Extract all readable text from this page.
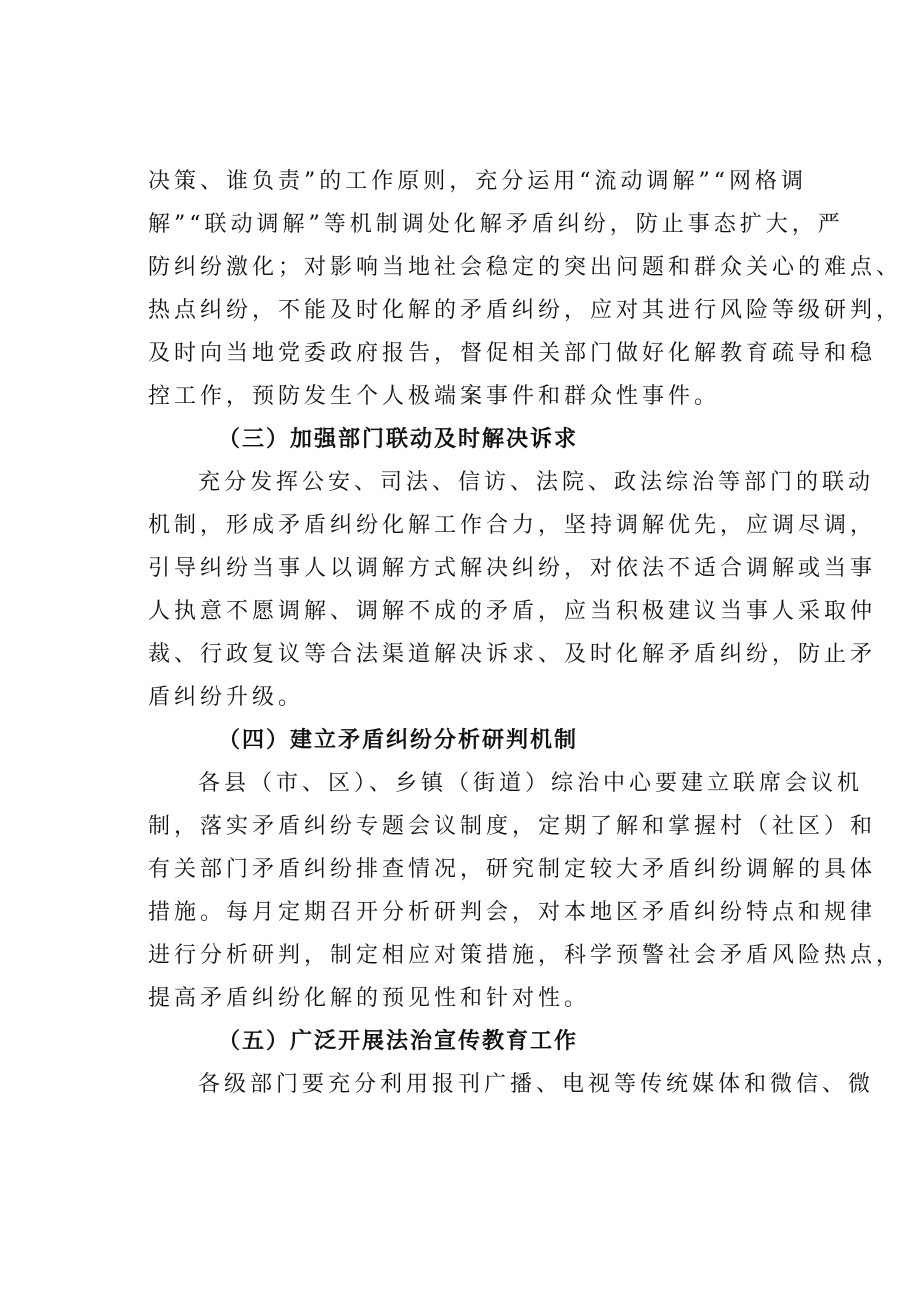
决策、谁负责”的工作原则，充分运用“流动调解”“网格调
解”“联动调解”等机制调处化解矛盾纠纷，防止事态扩大，严
防纠纷激化；对影响当地社会稳定的突出问题和群众关心的难点、
热点纠纷，不能及时化解的矛盾纠纷，应对其进行风险等级研判，
及时向当地党委政府报告，督促相关部门做好化解教育疏导和稳
控工作，预防发生个人极端案事件和群众性事件。
（三）加强部门联动及时解决诉求
充分发挥公安、司法、信访、法院、政法综治等部门的联动
机制，形成矛盾纠纷化解工作合力，坚持调解优先，应调尽调，
引导纠纷当事人以调解方式解决纠纷，对依法不适合调解或当事
人执意不愿调解、调解不成的矛盾，应当积极建议当事人采取仲
裁、行政复议等合法渠道解决诉求、及时化解矛盾纠纷，防止矛
盾纠纷升级。
（四）建立矛盾纠纷分析研判机制
各县（市、区）、乡镇（街道）综治中心要建立联席会议机
制，落实矛盾纠纷专题会议制度，定期了解和掌握村（社区）和
有关部门矛盾纠纷排查情况，研究制定较大矛盾纠纷调解的具体
措施。每月定期召开分析研判会，对本地区矛盾纠纷特点和规律
进行分析研判，制定相应对策措施，科学预警社会矛盾风险热点，
提高矛盾纠纷化解的预见性和针对性。
（五）广泛开展法治宣传教育工作
各级部门要充分利用报刊广播、电视等传统媒体和微信、微
